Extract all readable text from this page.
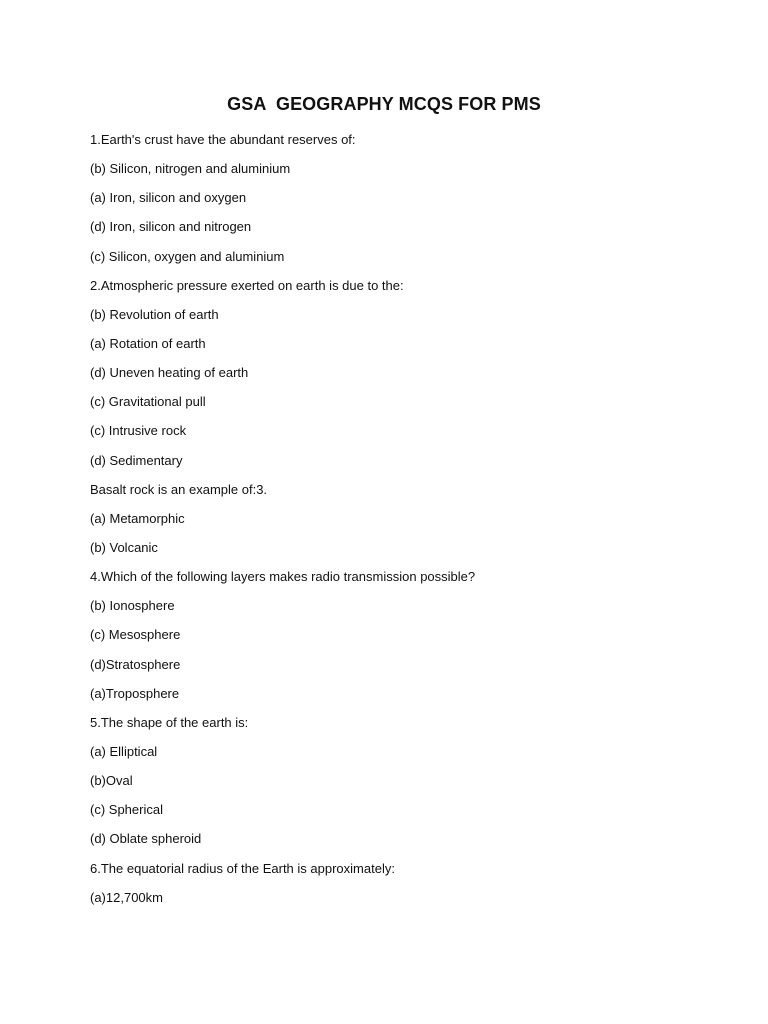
GSA  GEOGRAPHY MCQS FOR PMS
1.Earth's crust have the abundant reserves of:
(b) Silicon, nitrogen and aluminium
(a) Iron, silicon and oxygen
(d) Iron, silicon and nitrogen
(c) Silicon, oxygen and aluminium
2.Atmospheric pressure exerted on earth is due to the:
(b) Revolution of earth
(a) Rotation of earth
(d) Uneven heating of earth
(c) Gravitational pull
(c) Intrusive rock
(d) Sedimentary
Basalt rock is an example of:3.
(a) Metamorphic
(b) Volcanic
4.Which of the following layers makes radio transmission possible?
(b) Ionosphere
(c) Mesosphere
(d)Stratosphere
(a)Troposphere
5.The shape of the earth is:
(a) Elliptical
(b)Oval
(c) Spherical
(d) Oblate spheroid
6.The equatorial radius of the Earth is approximately:
(a)12,700km
